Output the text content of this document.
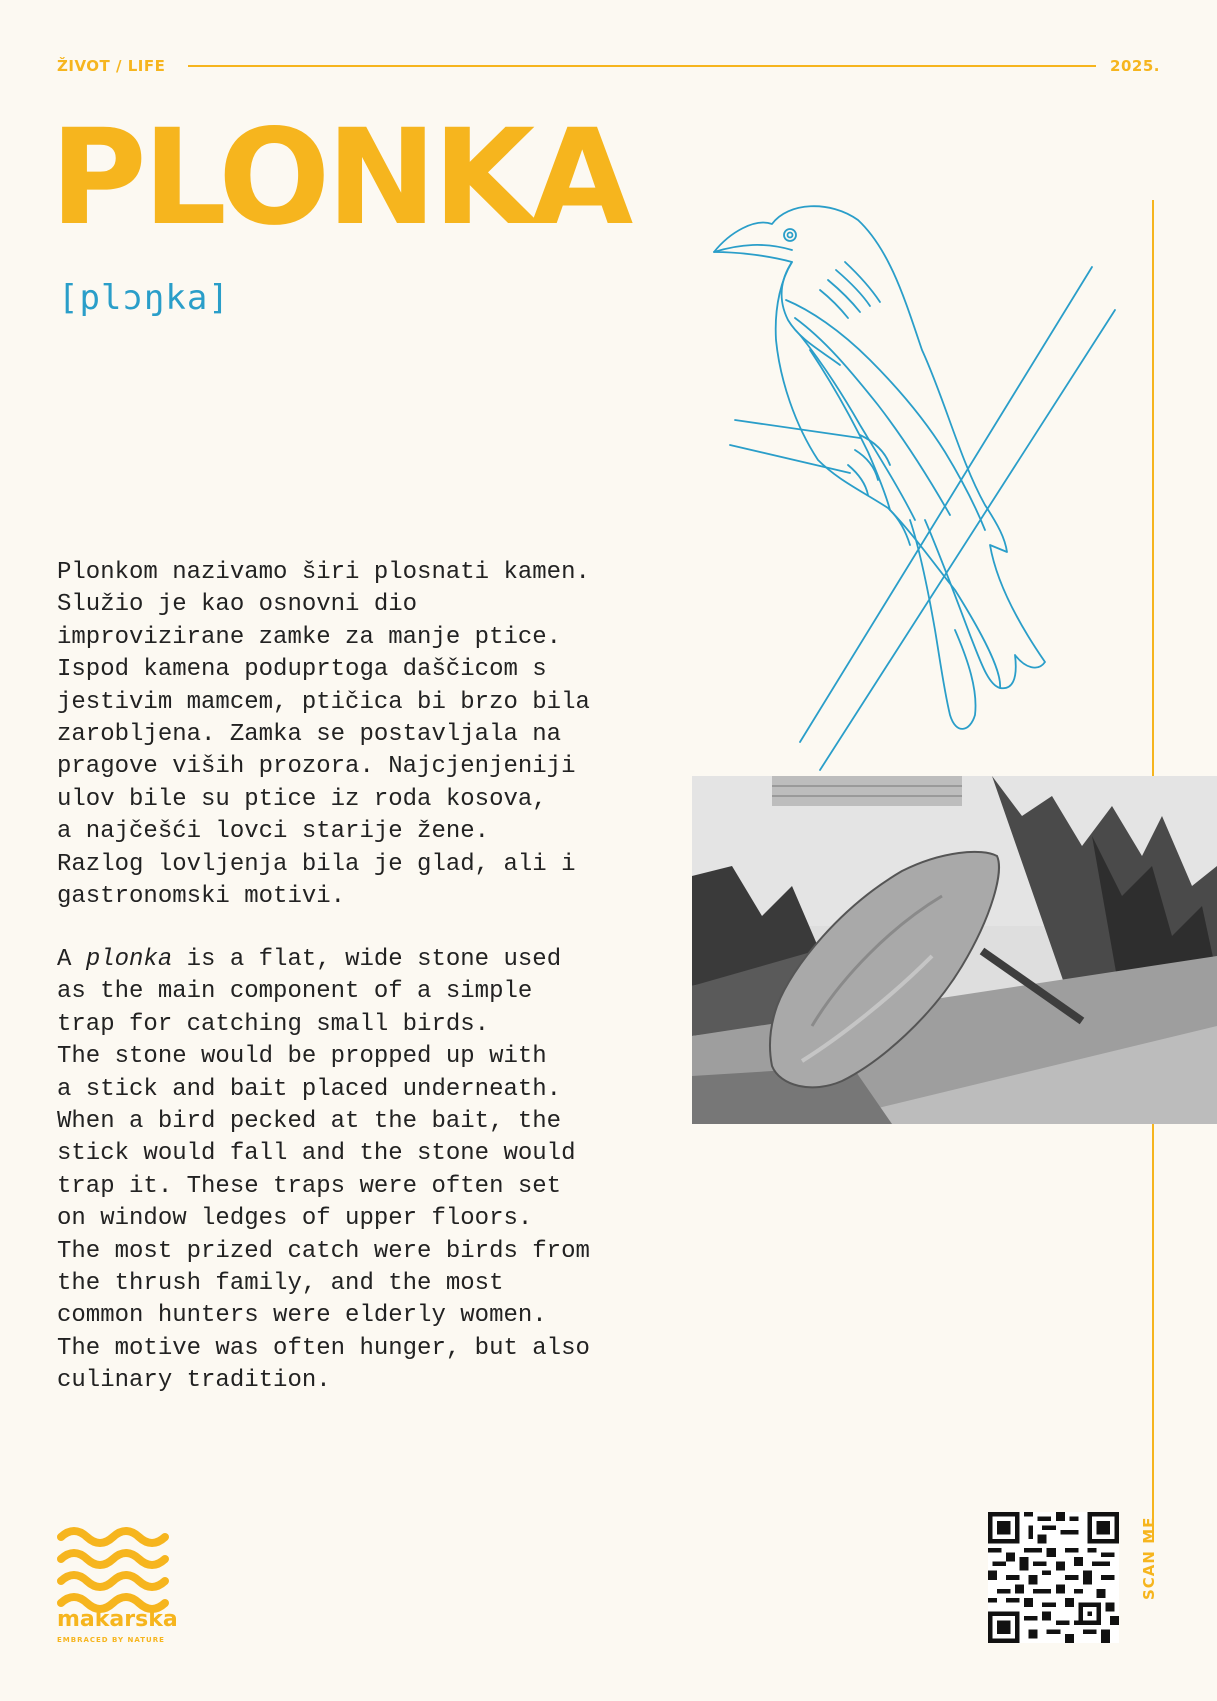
ŽIVOT / LIFE	2025.
PLONKA
[plɔŋka]

Plonkom nazivamo širi plosnati kamen.
Služio je kao osnovni dio
improvizirane zamke za manje ptice.
Ispod kamena poduprtoga daščicom s
jestivim mamcem, ptičica bi brzo bila
zarobljena. Zamka se postavljala na
pragove viših prozora. Najcjenjeniji
ulov bile su ptice iz roda kosova,
a najčešći lovci starije žene.
Razlog lovljenja bila je glad, ali i
gastronomski motivi.

A plonka is a flat, wide stone used
as the main component of a simple
trap for catching small birds.
The stone would be propped up with
a stick and bait placed underneath.
When a bird pecked at the bait, the
stick would fall and the stone would
trap it. These traps were often set
on window ledges of upper floors.
The most prized catch were birds from
the thrush family, and the most
common hunters were elderly women.
The motive was often hunger, but also
culinary tradition.

makarska
EMBRACED BY NATURE
SCAN ME
